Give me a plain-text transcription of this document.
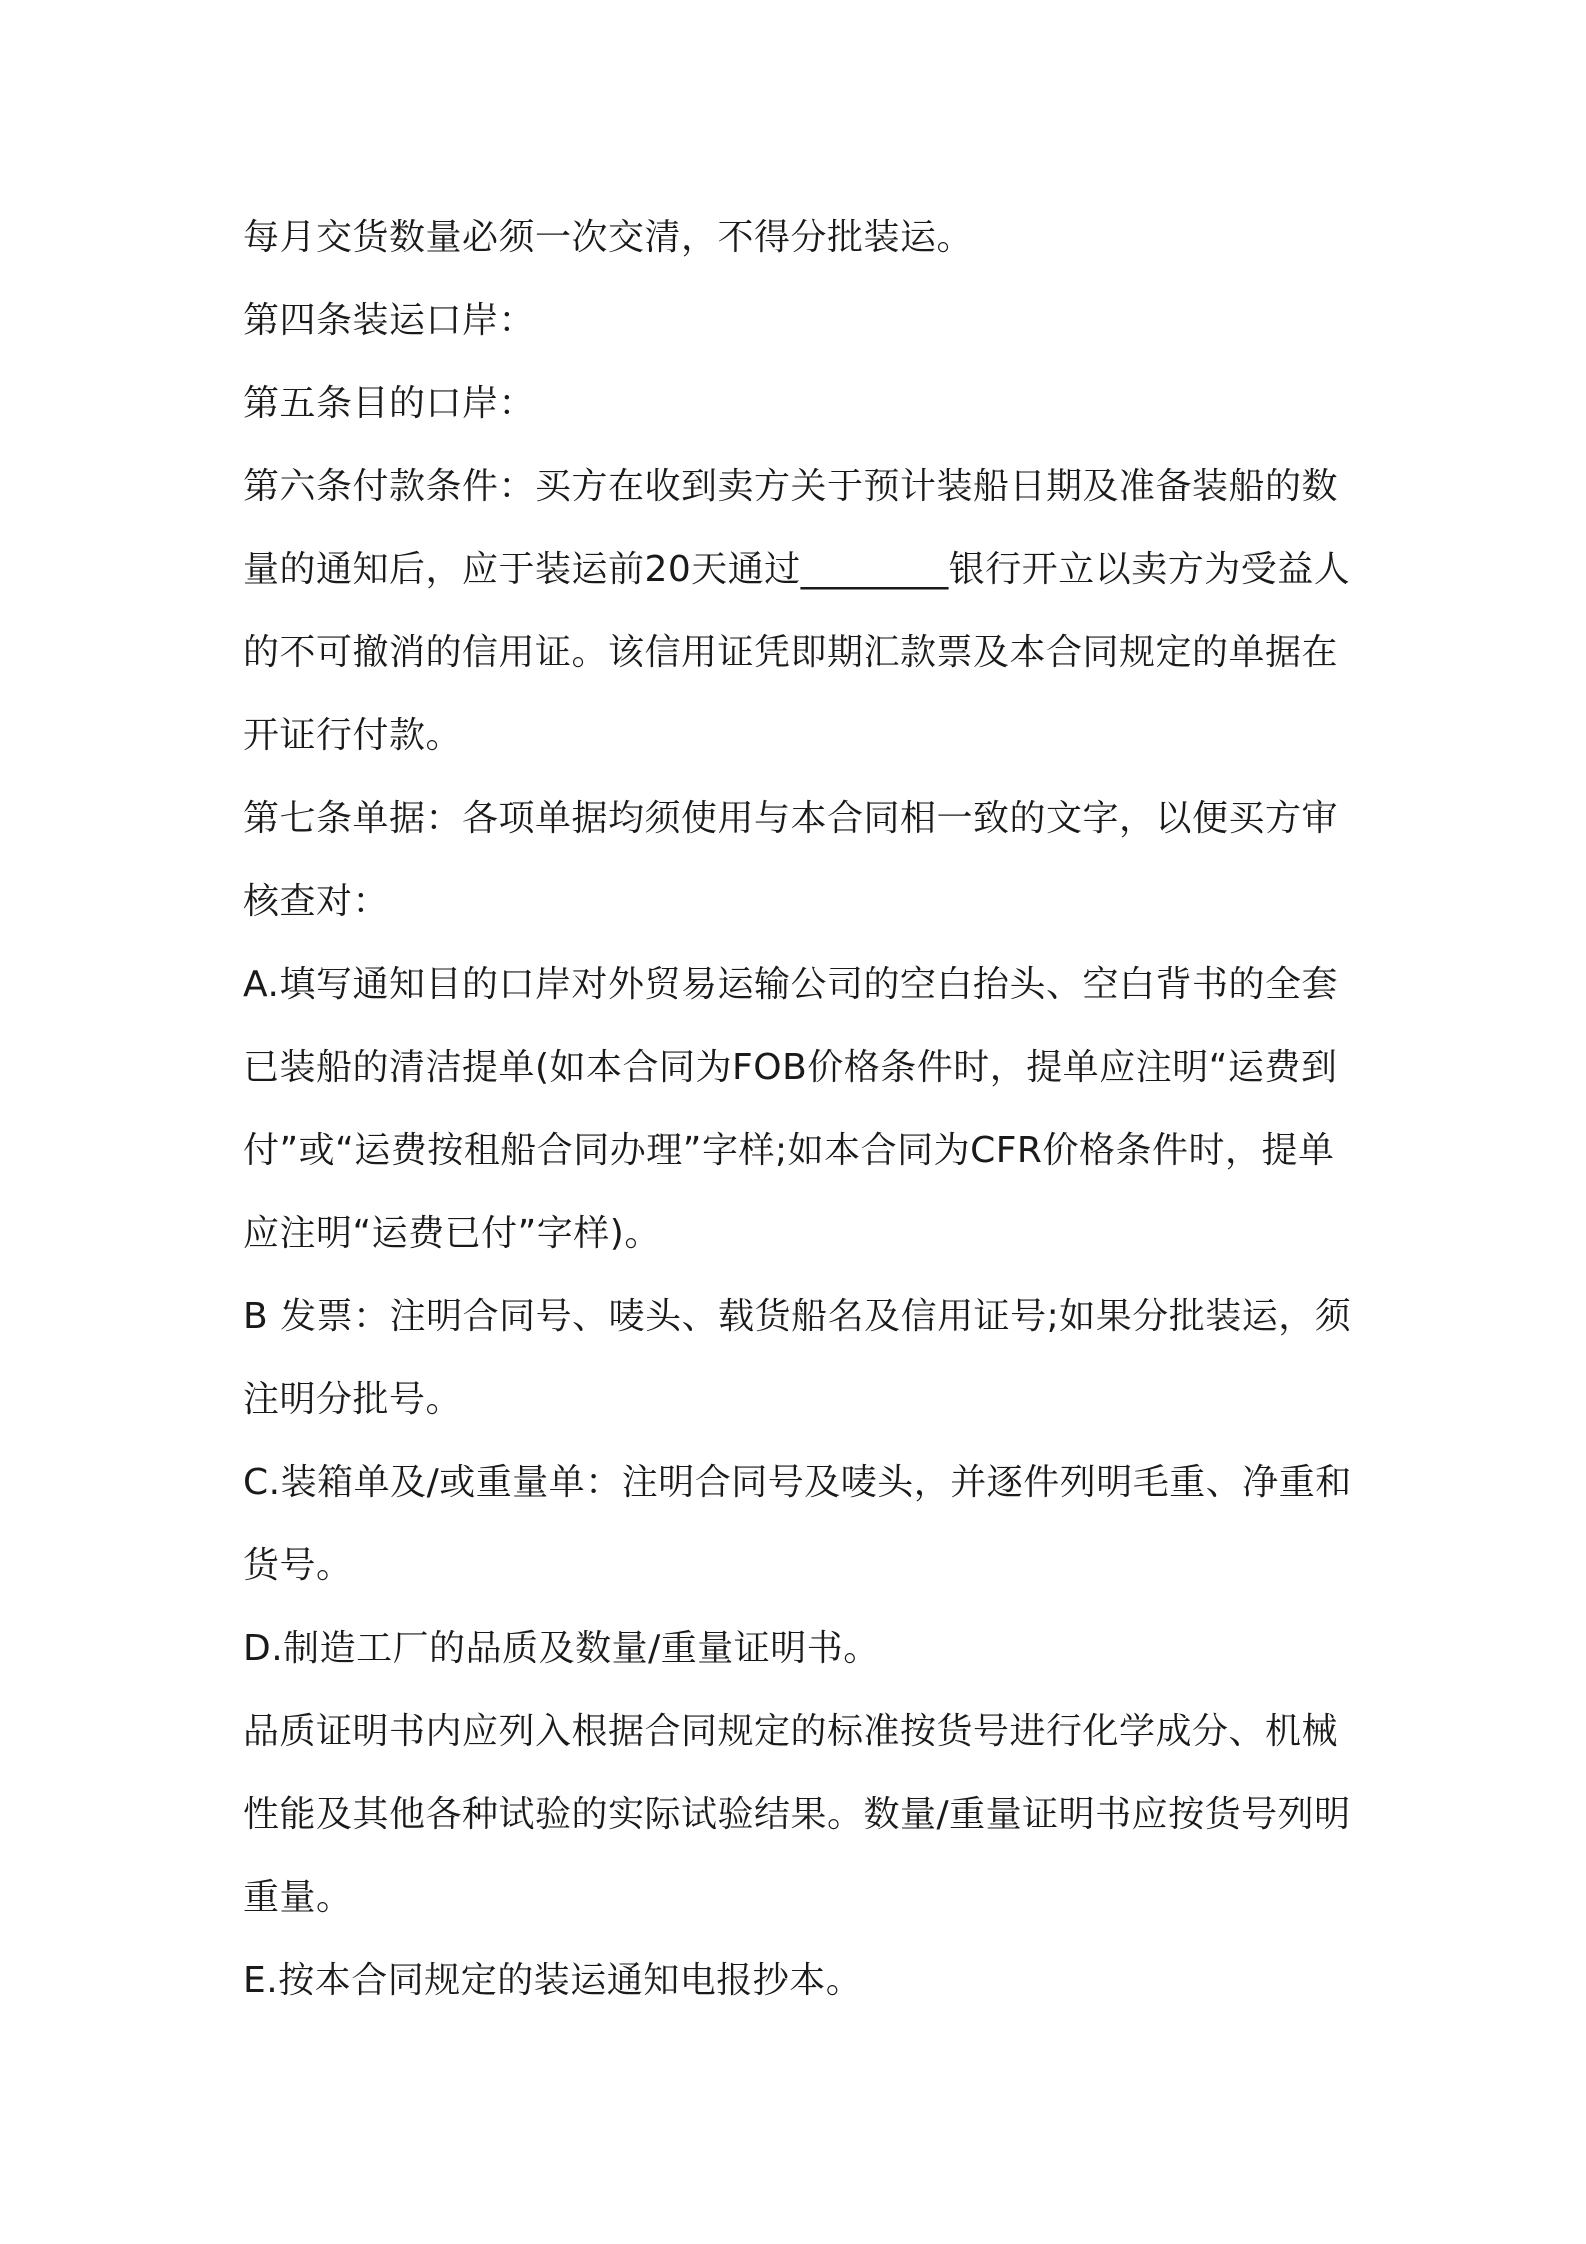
每月交货数量必须一次交清，不得分批装运。

第四条装运口岸：

第五条目的口岸：

第六条付款条件：买方在收到卖方关于预计装船日期及准备装船的数量的通知后，应于装运前20天通过________银行开立以卖方为受益人的不可撤消的信用证。该信用证凭即期汇款票及本合同规定的单据在开证行付款。

第七条单据：各项单据均须使用与本合同相一致的文字，以便买方审核查对：

A.填写通知目的口岸对外贸易运输公司的空白抬头、空白背书的全套已装船的清洁提单(如本合同为FOB价格条件时，提单应注明“运费到付”或“运费按租船合同办理”字样;如本合同为CFR价格条件时，提单应注明“运费已付”字样)。

B 发票：注明合同号、唛头、载货船名及信用证号;如果分批装运，须注明分批号。

C.装箱单及/或重量单：注明合同号及唛头，并逐件列明毛重、净重和货号。

D.制造工厂的品质及数量/重量证明书。

品质证明书内应列入根据合同规定的标准按货号进行化学成分、机械性能及其他各种试验的实际试验结果。数量/重量证明书应按货号列明重量。

E.按本合同规定的装运通知电报抄本。
